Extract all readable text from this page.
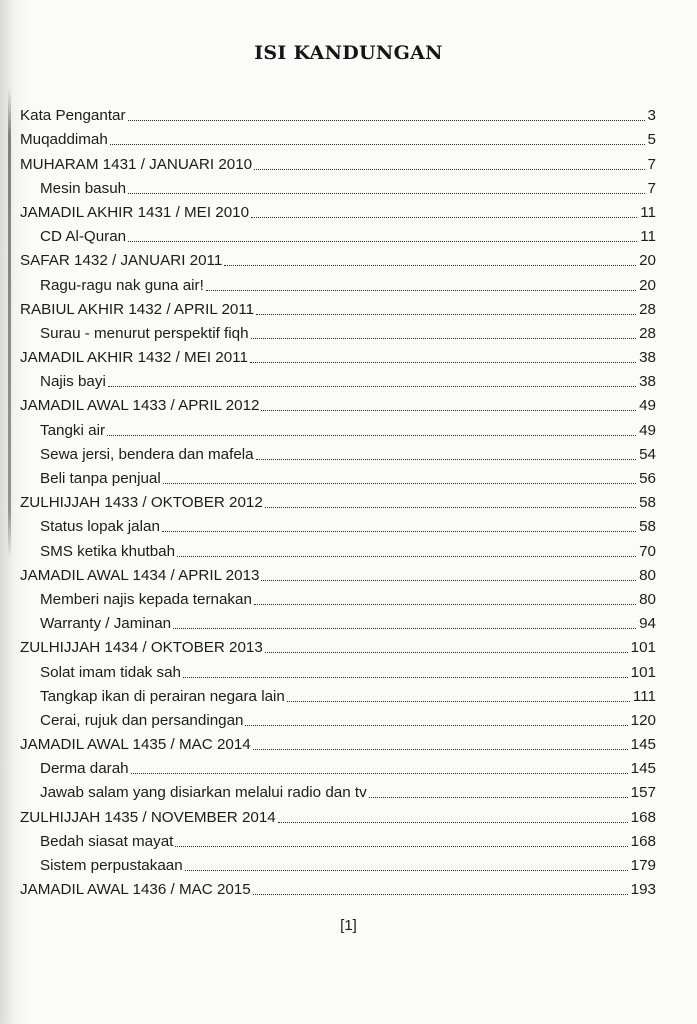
ISI KANDUNGAN
Kata Pengantar	3
Muqaddimah	5
MUHARAM 1431 / JANUARI 2010	7
Mesin basuh	7
JAMADIL AKHIR 1431 / MEI 2010	11
CD Al-Quran	11
SAFAR 1432 / JANUARI 2011	20
Ragu-ragu nak guna air!	20
RABIUL AKHIR 1432 / APRIL 2011	28
Surau - menurut perspektif fiqh	28
JAMADIL AKHIR 1432 / MEI 2011	38
Najis bayi	38
JAMADIL AWAL 1433 / APRIL 2012	49
Tangki air	49
Sewa jersi, bendera dan mafela	54
Beli tanpa penjual	56
ZULHIJJAH 1433 / OKTOBER 2012	58
Status lopak jalan	58
SMS ketika khutbah	70
JAMADIL AWAL 1434 / APRIL 2013	80
Memberi najis kepada ternakan	80
Warranty / Jaminan	94
ZULHIJJAH 1434 / OKTOBER 2013	101
Solat imam tidak sah	101
Tangkap ikan di perairan negara lain	111
Cerai, rujuk dan persandingan	120
JAMADIL AWAL 1435 / MAC 2014	145
Derma darah	145
Jawab salam yang disiarkan melalui radio dan tv	157
ZULHIJJAH 1435 / NOVEMBER 2014	168
Bedah siasat mayat	168
Sistem perpustakaan	179
JAMADIL AWAL 1436 / MAC 2015	193
[1]
